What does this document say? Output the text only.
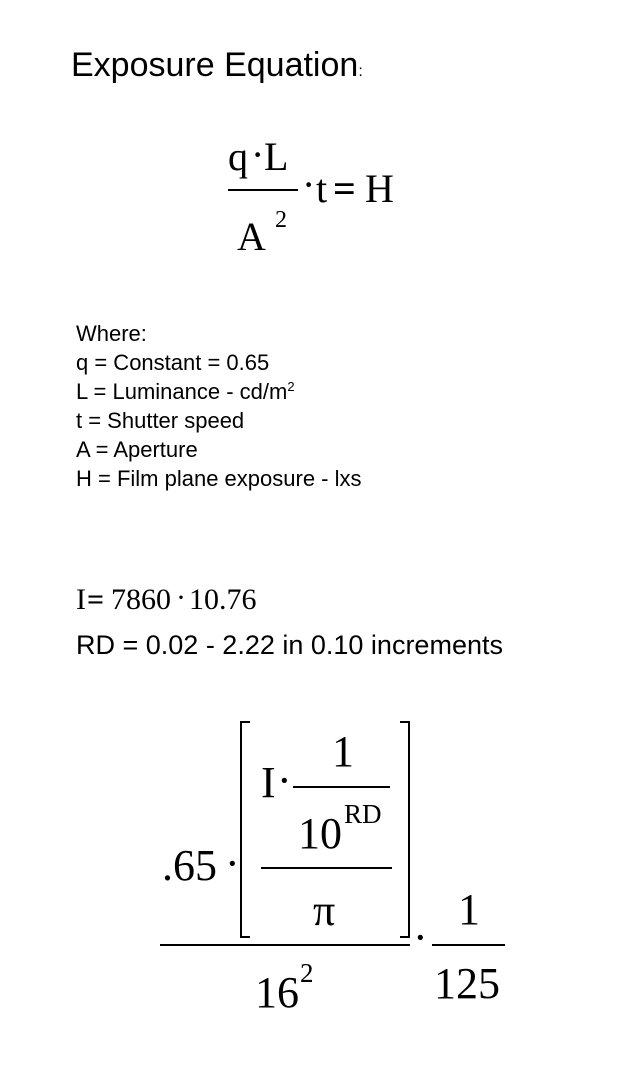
Exposure Equation:
q · L
A 2
· t = H
Where:
q = Constant = 0.65
L = Luminance - $cd/m^2$
t = Shutter speed
A = Aperture
H = Film plane exposure - lxs
I = 7860 · 10.76
RD = 0.02 - 2.22 in 0.10 increments
I ·
1
10 RD
π
.65 ·
16 2
·
1
125
